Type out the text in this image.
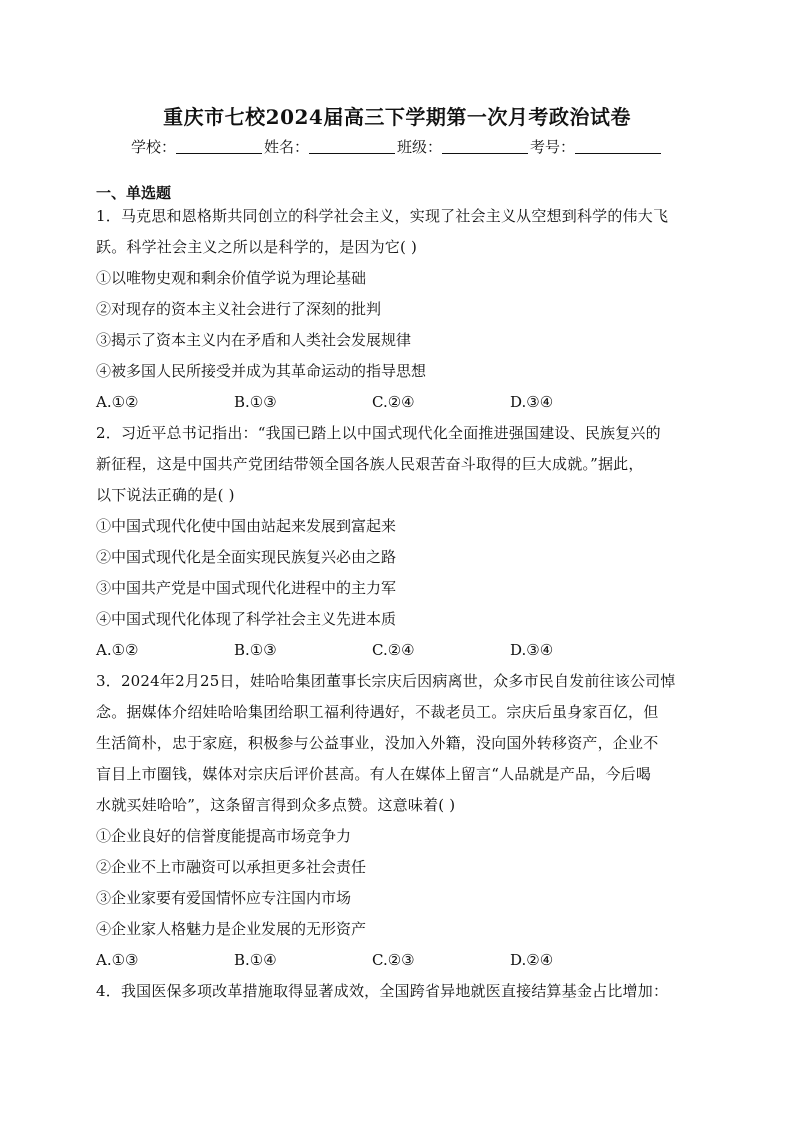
重庆市七校2024届高三下学期第一次月考政治试卷
学校：	姓名：	班级：	考号：
一、单选题
1．马克思和恩格斯共同创立的科学社会主义，实现了社会主义从空想到科学的伟大飞
跃。科学社会主义之所以是科学的，是因为它( )
①以唯物史观和剩余价值学说为理论基础
②对现存的资本主义社会进行了深刻的批判
③揭示了资本主义内在矛盾和人类社会发展规律
④被多国人民所接受并成为其革命运动的指导思想
A.①②	B.①③	C.②④	D.③④
2．习近平总书记指出：“我国已踏上以中国式现代化全面推进强国建设、民族复兴的
新征程，这是中国共产党团结带领全国各族人民艰苦奋斗取得的巨大成就。”据此，
以下说法正确的是( )
①中国式现代化使中国由站起来发展到富起来
②中国式现代化是全面实现民族复兴必由之路
③中国共产党是中国式现代化进程中的主力军
④中国式现代化体现了科学社会主义先进本质
A.①②	B.①③	C.②④	D.③④
3．2024年2月25日，娃哈哈集团董事长宗庆后因病离世，众多市民自发前往该公司悼
念。据媒体介绍娃哈哈集团给职工福利待遇好，不裁老员工。宗庆后虽身家百亿，但
生活简朴，忠于家庭，积极参与公益事业，没加入外籍，没向国外转移资产，企业不
盲目上市圈钱，媒体对宗庆后评价甚高。有人在媒体上留言“人品就是产品，今后喝
水就买娃哈哈”，这条留言得到众多点赞。这意味着( )
①企业良好的信誉度能提高市场竞争力
②企业不上市融资可以承担更多社会责任
③企业家要有爱国情怀应专注国内市场
④企业家人格魅力是企业发展的无形资产
A.①③	B.①④	C.②③	D.②④
4．我国医保多项改革措施取得显著成效，全国跨省异地就医直接结算基金占比增加：
